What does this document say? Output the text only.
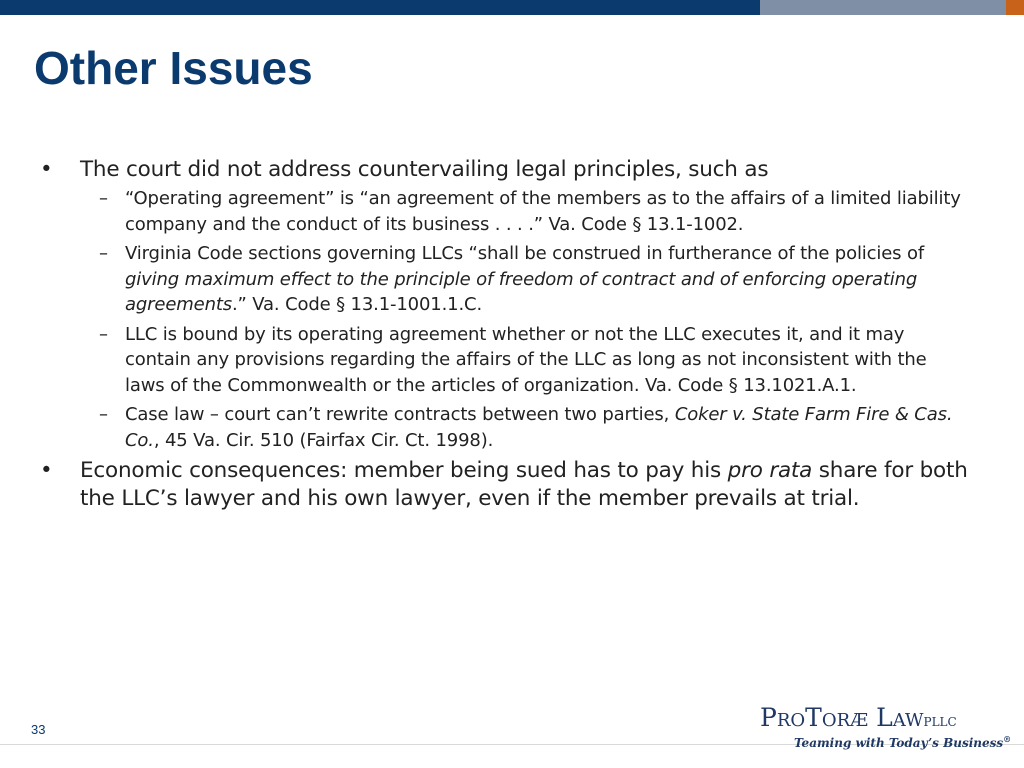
Other Issues

• The court did not address countervailing legal principles, such as

– “Operating agreement” is “an agreement of the members as to the affairs of a limited liability company and the conduct of its business . . . .” Va. Code § 13.1-1002.
– Virginia Code sections governing LLCs “shall be construed in furtherance of the policies of giving maximum effect to the principle of freedom of contract and of enforcing operating agreements.” Va. Code § 13.1-1001.1.C.
– LLC is bound by its operating agreement whether or not the LLC executes it, and it may contain any provisions regarding the affairs of the LLC as long as not inconsistent with the laws of the Commonwealth or the articles of organization. Va. Code § 13.1021.A.1.
– Case law – court can’t rewrite contracts between two parties, Coker v. State Farm Fire & Cas. Co., 45 Va. Cir. 510 (Fairfax Cir. Ct. 1998).

• Economic consequences: member being sued has to pay his pro rata share for both the LLC’s lawyer and his own lawyer, even if the member prevails at trial.

33	PROTORÆ LAWPLLC
Teaming with Today’s Business®
